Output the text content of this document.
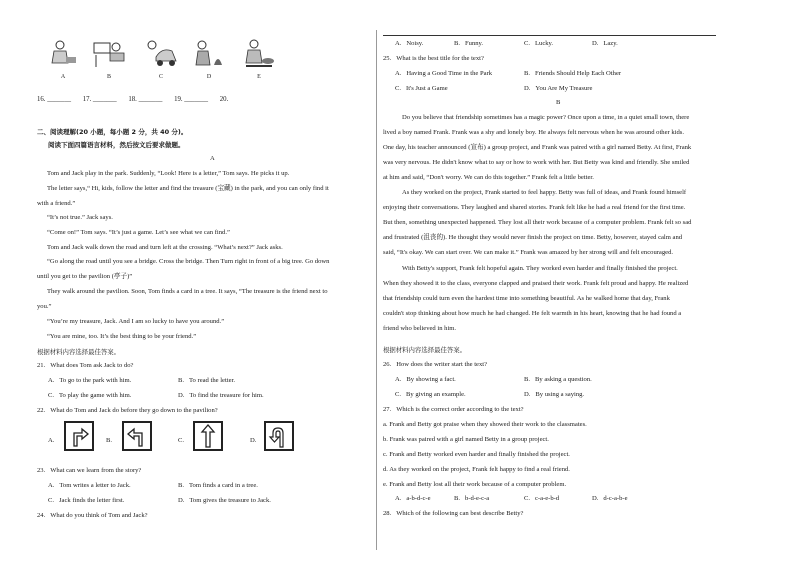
A	B	C	D	E
16. _______ 17. _______ 18. _______ 19. _______ 20.
二、阅读理解(20 小题，每小题 2 分，共 40 分)。
阅读下面四篇语言材料，然后按文后要求做题。
A
Tom and Jack play in the park. Suddenly, “Look! Here is a letter,” Tom says. He picks it up.
The letter says,“ Hi, kids, follow the letter and find the treasure (宝藏) in the park, and you can only find it
with a friend.”
“It’s not true.” Jack says.
“Come on!” Tom says. “It’s just a game. Let’s see what we can find.”
Tom and Jack walk down the road and turn left at the crossing. “What’s next?” Jack asks.
“Go along the road until you see a bridge. Cross the bridge. Then Turn right in front of a big tree. Go down
until you get to the pavilion (亭子)”
They walk around the pavilion. Soon, Tom finds a card in a tree. It says, “The treasure is the friend next to
you.”
“You’re my treasure, Jack. And I am so lucky to have you around.”
“You are mine, too. It’s the best thing to be your friend.”
根据材料内容选择最佳答案。
21.   What does Tom ask Jack to do?
A.   To go to the park with him.	B.   To read the letter.
C.   To play the game with him.	D.   To find the treasure for him.
22.   What do Tom and Jack do before they go down to the pavilion?
A.	B.	C.	D.
23.   What can we learn from the story?
A.   Tom writes a letter to Jack.	B.   Tom finds a card in a tree.
C.   Jack finds the letter first.	D.   Tom gives the treasure to Jack.
24.   What do you think of Tom and Jack?
A.   Noisy.	B.   Funny.	C.   Lucky.	D.   Lazy.
25.   What is the best title for the text?
A.   Having a Good Time in the Park	B.   Friends Should Help Each Other
C.   It's Just a Game	D.   You Are My Treasure
B
Do you believe that friendship sometimes has a magic power? Once upon a time, in a quiet small town, there
lived a boy named Frank. Frank was a shy and lonely boy. He always felt nervous when he was around other kids.
One day, his teacher announced (宣布) a group project, and Frank was paired with a girl named Betty. At first, Frank
was very nervous. He didn't know what to say or how to work with her. But Betty was kind and friendly. She smiled
at him and said, “Don't worry. We can do this together.” Frank felt a little better.
As they worked on the project, Frank started to feel happy. Betty was full of ideas, and Frank found himself
enjoying their conversations. They laughed and shared stories. Frank felt like he had a real friend for the first time.
But then, something unexpected happened. They lost all their work because of a computer problem. Frank felt so sad
and frustrated (沮丧的). He thought they would never finish the project on time. Betty, however, stayed calm and
said, “It's okay. We can start over. We can make it.” Frank was amazed by her strong will and felt encouraged.
With Betty's support, Frank felt hopeful again. They worked even harder and finally finished the project.
When they showed it to the class, everyone clapped and praised their work. Frank felt proud and happy. He realized
that friendship could turn even the hardest time into something beautiful. As he walked home that day, Frank
couldn't stop thinking about how much he had changed. He felt warmth in his heart, knowing that he had found a
friend who believed in him.
根据材料内容选择最佳答案。
26.   How does the writer start the text?
A.   By showing a fact.	B.   By asking a question.
C.   By giving an example.	D.   By using a saying.
27.   Which is the correct order according to the text?
a. Frank and Betty got praise when they showed their work to the classmates.
b. Frank was paired with a girl named Betty in a group project.
c. Frank and Betty worked even harder and finally finished the project.
d. As they worked on the project, Frank felt happy to find a real friend.
e. Frank and Betty lost all their work because of a computer problem.
A.   a-b-d-c-e	B.   b-d-e-c-a	C.   c-a-e-b-d	D.   d-c-a-b-e
28.   Which of the following can best describe Betty?
